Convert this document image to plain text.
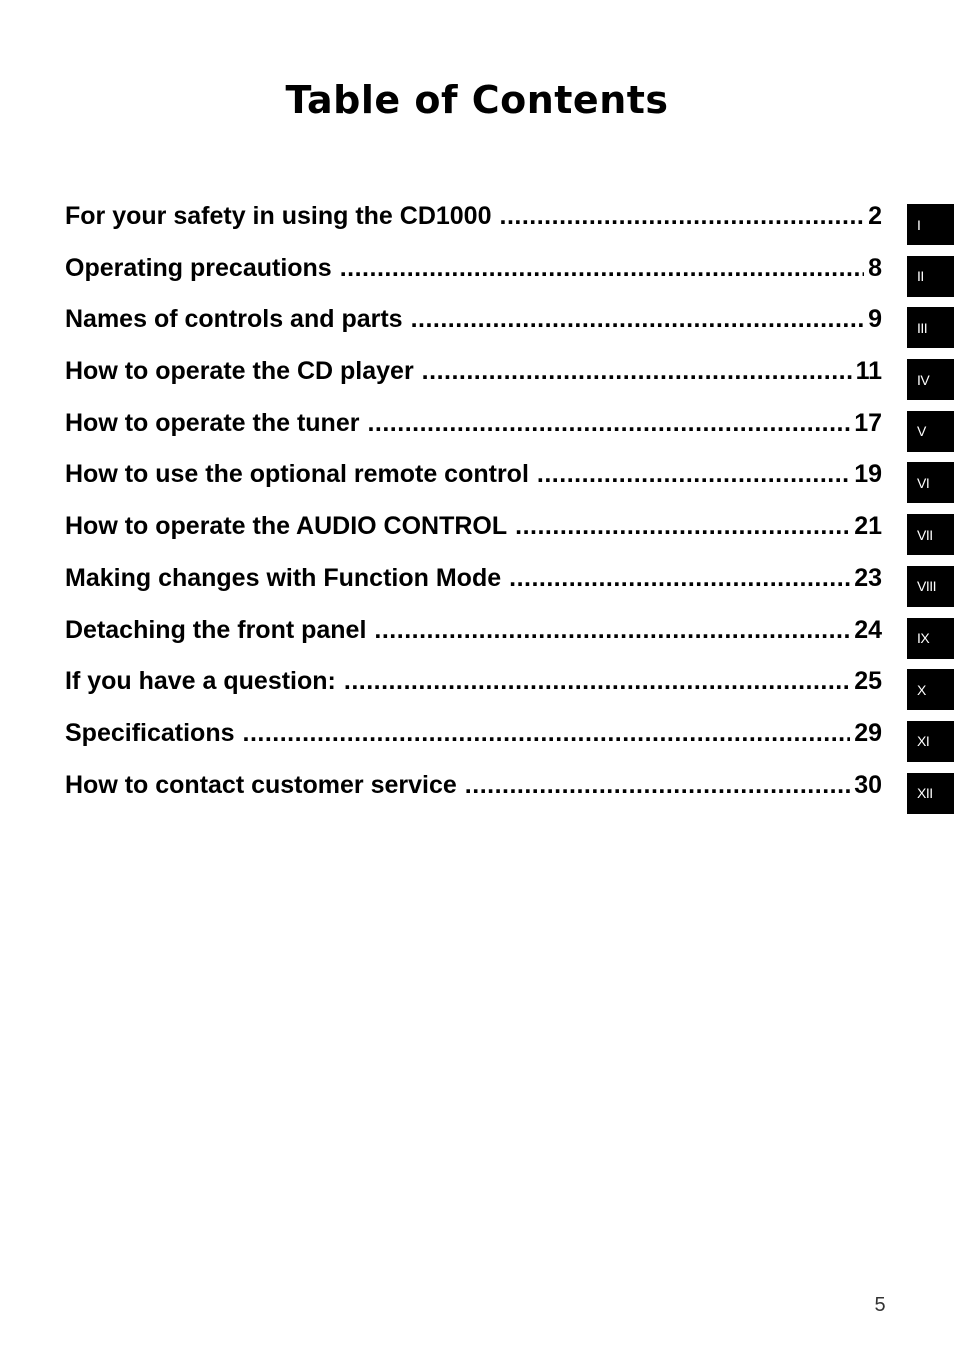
Table of Contents
For your safety in using the CD1000 .....	2
Operating precautions .....	8
Names of controls and parts .....	9
How to operate the CD player .....	11
How to operate the tuner .....	17
How to use the optional remote control .....	19
How to operate the AUDIO CONTROL .....	21
Making changes with Function Mode .....	23
Detaching the front panel .....	24
If you have a question: .....	25
Specifications .....	29
How to contact customer service .....	30
I
II
III
IV
V
VI
VII
VIII
IX
X
XI
XII
5
